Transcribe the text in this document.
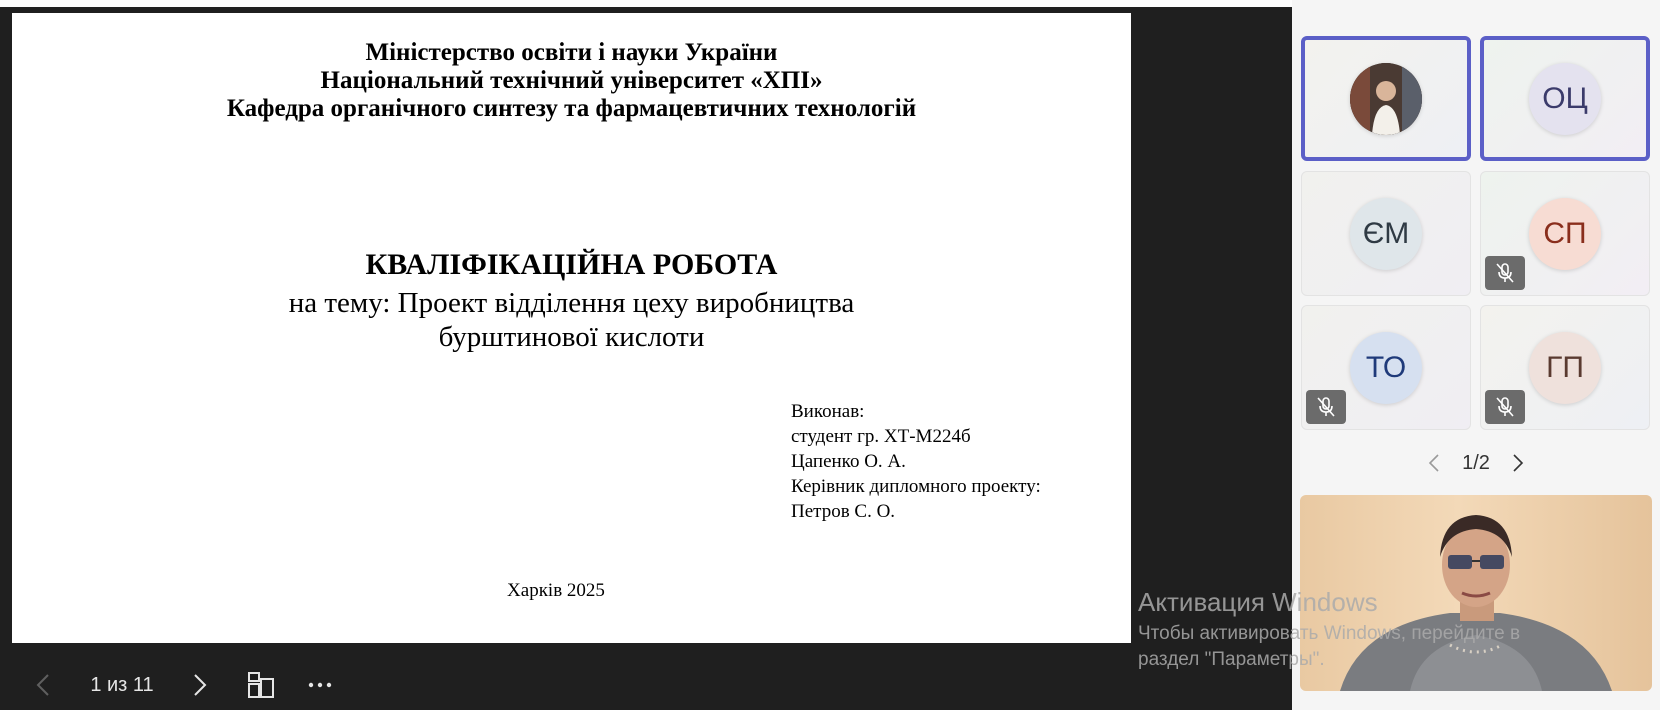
Міністерство освіти і науки України
Національний технічний університет «ХПІ»
Кафедра органічного синтезу та фармацевтичних технологій
КВАЛІФІКАЦІЙНА РОБОТА
на тему: Проект відділення цеху виробництва
бурштинової кислоти
Виконав:
студент гр. ХТ-М224б
Цапенко О. А.
Керівник дипломного проекту:
Петров С. О.
Харків 2025
1 из 11
ОЦ
ЄМ	СП
ТО	ГП
1/2
Активация Windows
Чтобы активировать Windows, перейдите в
раздел "Параметры".
